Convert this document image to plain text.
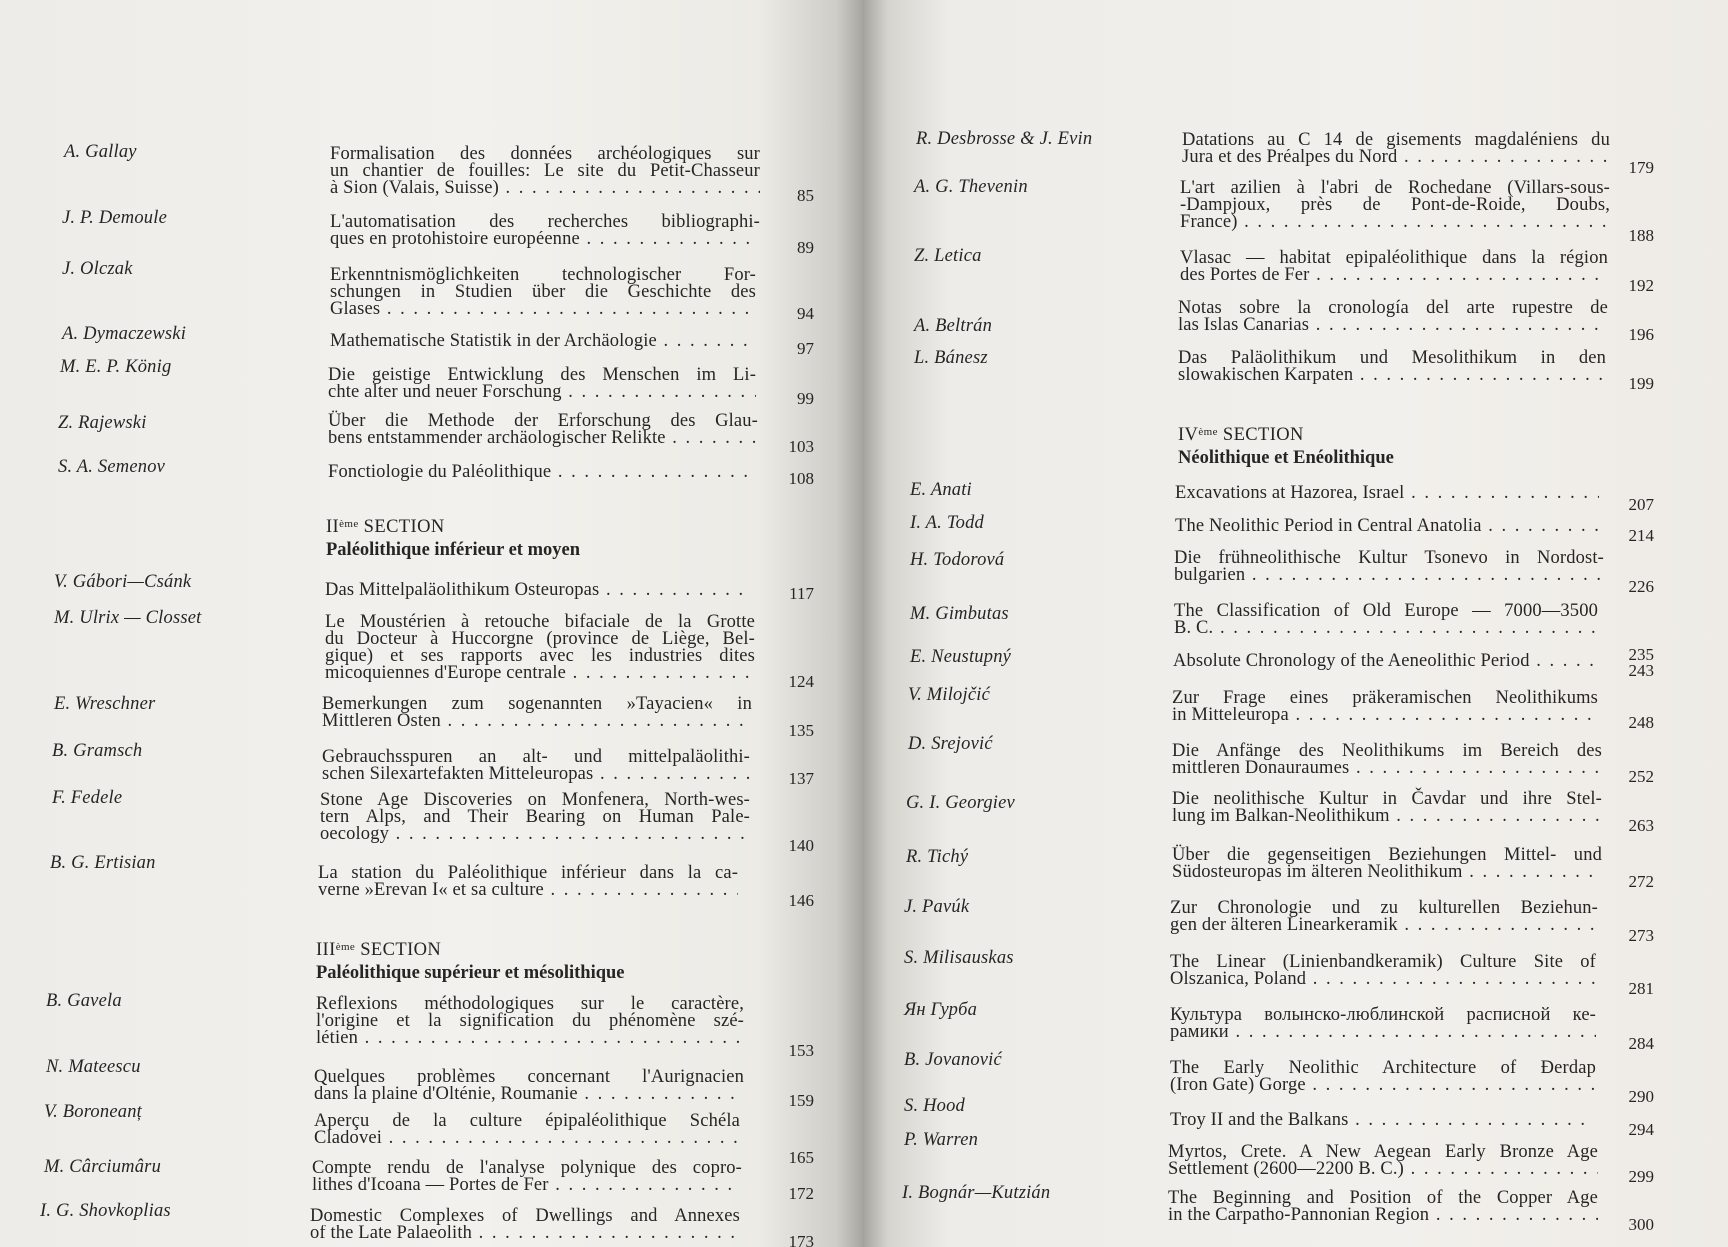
A. Gallay	Formalisation des données archéologiques sur
un chantier de fouilles: Le site du Petit-Chasseur
à Sion (Valais, Suisse) . .	85
J. P. Demoule	L'automatisation des recherches bibliographi-
ques en protohistoire européenne . .	89
J. Olczak	Erkenntnismöglichkeiten technologischer For-
schungen in Studien über die Geschichte des
Glases . .	94
A. Dymaczewski	Mathematische Statistik in der Archäologie . .	97
M. E. P. König	Die geistige Entwicklung des Menschen im Li-
chte alter und neuer Forschung . .	99
Z. Rajewski	Über die Methode der Erforschung des Glau-
bens entstammender archäologischer Relikte . .	103
S. A. Semenov	Fonctiologie du Paléolithique . .	108
V. Gábori—Csánk	Das Mittelpaläolithikum Osteuropas . .	117
M. Ulrix — Closset	Le Moustérien à retouche bifaciale de la Grotte
du Docteur à Huccorgne (province de Liège, Bel-
gique) et ses rapports avec les industries dites
micoquiennes d'Europe centrale . .	124
E. Wreschner	Bemerkungen zum sogenannten »Tayacien« in
Mittleren Osten . .	135
B. Gramsch	Gebrauchsspuren an alt- und mittelpaläolithi-
schen Silexartefakten Mitteleuropas . .	137
F. Fedele	Stone Age Discoveries on Monfenera, North-wes-
tern Alps, and Their Bearing on Human Pale-
oecology . .
140
B. G. Ertisian	La station du Paléolithique inférieur dans la ca-
verne »Erevan I« et sa culture . .
146
B. Gavela	Reflexions méthodologiques sur le caractère,
l'origine et la signification du phénomène szé-
létien . .
153
N. Mateescu	Quelques problèmes concernant l'Aurignacien
dans la plaine d'Olténie, Roumanie . .	159
V. Boroneanț	Aperçu de la culture épipaléolithique Schéla
Cladovei . .
165
M. Cârciumâru	Compte rendu de l'analyse polynique des copro-
lithes d'Icoana — Portes de Fer . .	172
I. G. Shovkoplias	Domestic Complexes of Dwellings and Annexes
of the Late Palaeolith . .	173
IIème SECTION
Paléolithique inférieur et moyen
IIIème SECTION
Paléolithique supérieur et mésolithique
R. Desbrosse & J. Evin	Datations au C 14 de gisements magdaléniens du
Jura et des Préalpes du Nord . .
179
A. G. Thevenin	L'art azilien à l'abri de Rochedane (Villars-sous-
-Dampjoux, près de Pont-de-Roide, Doubs,
France) . .
188
Z. Letica	Vlasac — habitat epipaléolithique dans la région
des Portes de Fer . .
192
A. Beltrán
Notas sobre la cronología del arte rupestre de
las Islas Canarias . .	196
L. Bánesz	Das Paläolithikum und Mesolithikum in den
slowakischen Karpaten . .	199
E. Anati	Excavations at Hazorea, Israel . .
207
I. A. Todd	The Neolithic Period in Central Anatolia . .	214
H. Todorová	Die frühneolithische Kultur Tsonevo in Nordost-
bulgarien . .
226
M. Gimbutas	The Classification of Old Europe — 7000—3500
B. C. . .
235
E. Neustupný	Absolute Chronology of the Aeneolithic Period . .	243
V. Milojčić	Zur Frage eines präkeramischen Neolithikums
in Mitteleuropa . .	248
D. Srejović	Die Anfänge des Neolithikums im Bereich des
mittleren Donauraumes . .	252
G. I. Georgiev	Die neolithische Kultur in Čavdar und ihre Stel-
lung im Balkan-Neolithikum . .	263
R. Tichý	Über die gegenseitigen Beziehungen Mittel- und
Südosteuropas im älteren Neolithikum . .	272
J. Pavúk	Zur Chronologie und zu kulturellen Beziehun-
gen der älteren Linearkeramik . .
273
S. Milisauskas	The Linear (Linienbandkeramik) Culture Site of
Olszanica, Poland . .	281
Ян Гурба	Культура волынско-люблинской расписной ке-
рамики . .
284
B. Jovanović	The Early Neolithic Architecture of Đerdap
(Iron Gate) Gorge . .
290
S. Hood
Troy II and the Balkans . .	294
P. Warren
Myrtos, Crete. A New Aegean Early Bronze Age
Settlement (2600—2200 B. C.) . .	299
I. Bognár—Kutzián	The Beginning and Position of the Copper Age
in the Carpatho-Pannonian Region . .	300
IVème SECTION
Néolithique et Enéolithique
